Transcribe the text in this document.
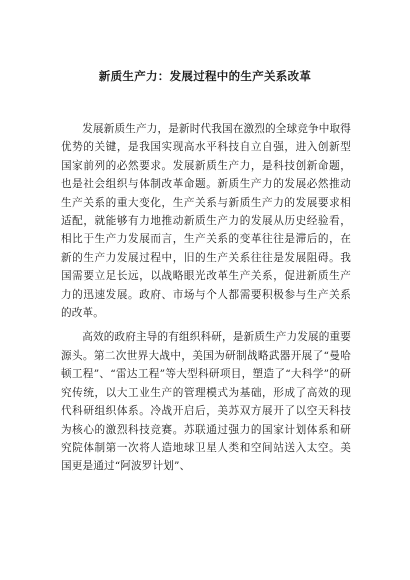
新质生产力：发展过程中的生产关系改革

发展新质生产力，是新时代我国在激烈的全球竞争中取得优势的关键，是我国实现高水平科技自立自强，进入创新型国家前列的必然要求。发展新质生产力，是科技创新命题，也是社会组织与体制改革命题。新质生产力的发展必然推动生产关系的重大变化，生产关系与新质生产力的发展要求相适配，就能够有力地推动新质生产力的发展从历史经验看，相比于生产力发展而言，生产关系的变革往往是滞后的，在新的生产力发展过程中，旧的生产关系往往是发展阻碍。我国需要立足长远，以战略眼光改革生产关系，促进新质生产力的迅速发展。政府、市场与个人都需要积极参与生产关系的改革。

高效的政府主导的有组织科研，是新质生产力发展的重要源头。第二次世界大战中，美国为研制战略武器开展了“曼哈顿工程”、“雷达工程”等大型科研项目，塑造了“大科学”的研究传统，以大工业生产的管理模式为基础，形成了高效的现代科研组织体系。冷战开启后，美苏双方展开了以空天科技为核心的激烈科技竞赛。苏联通过强力的国家计划体系和研究院体制第一次将人造地球卫星人类和空间站送入太空。美国更是通过“阿波罗计划”、
